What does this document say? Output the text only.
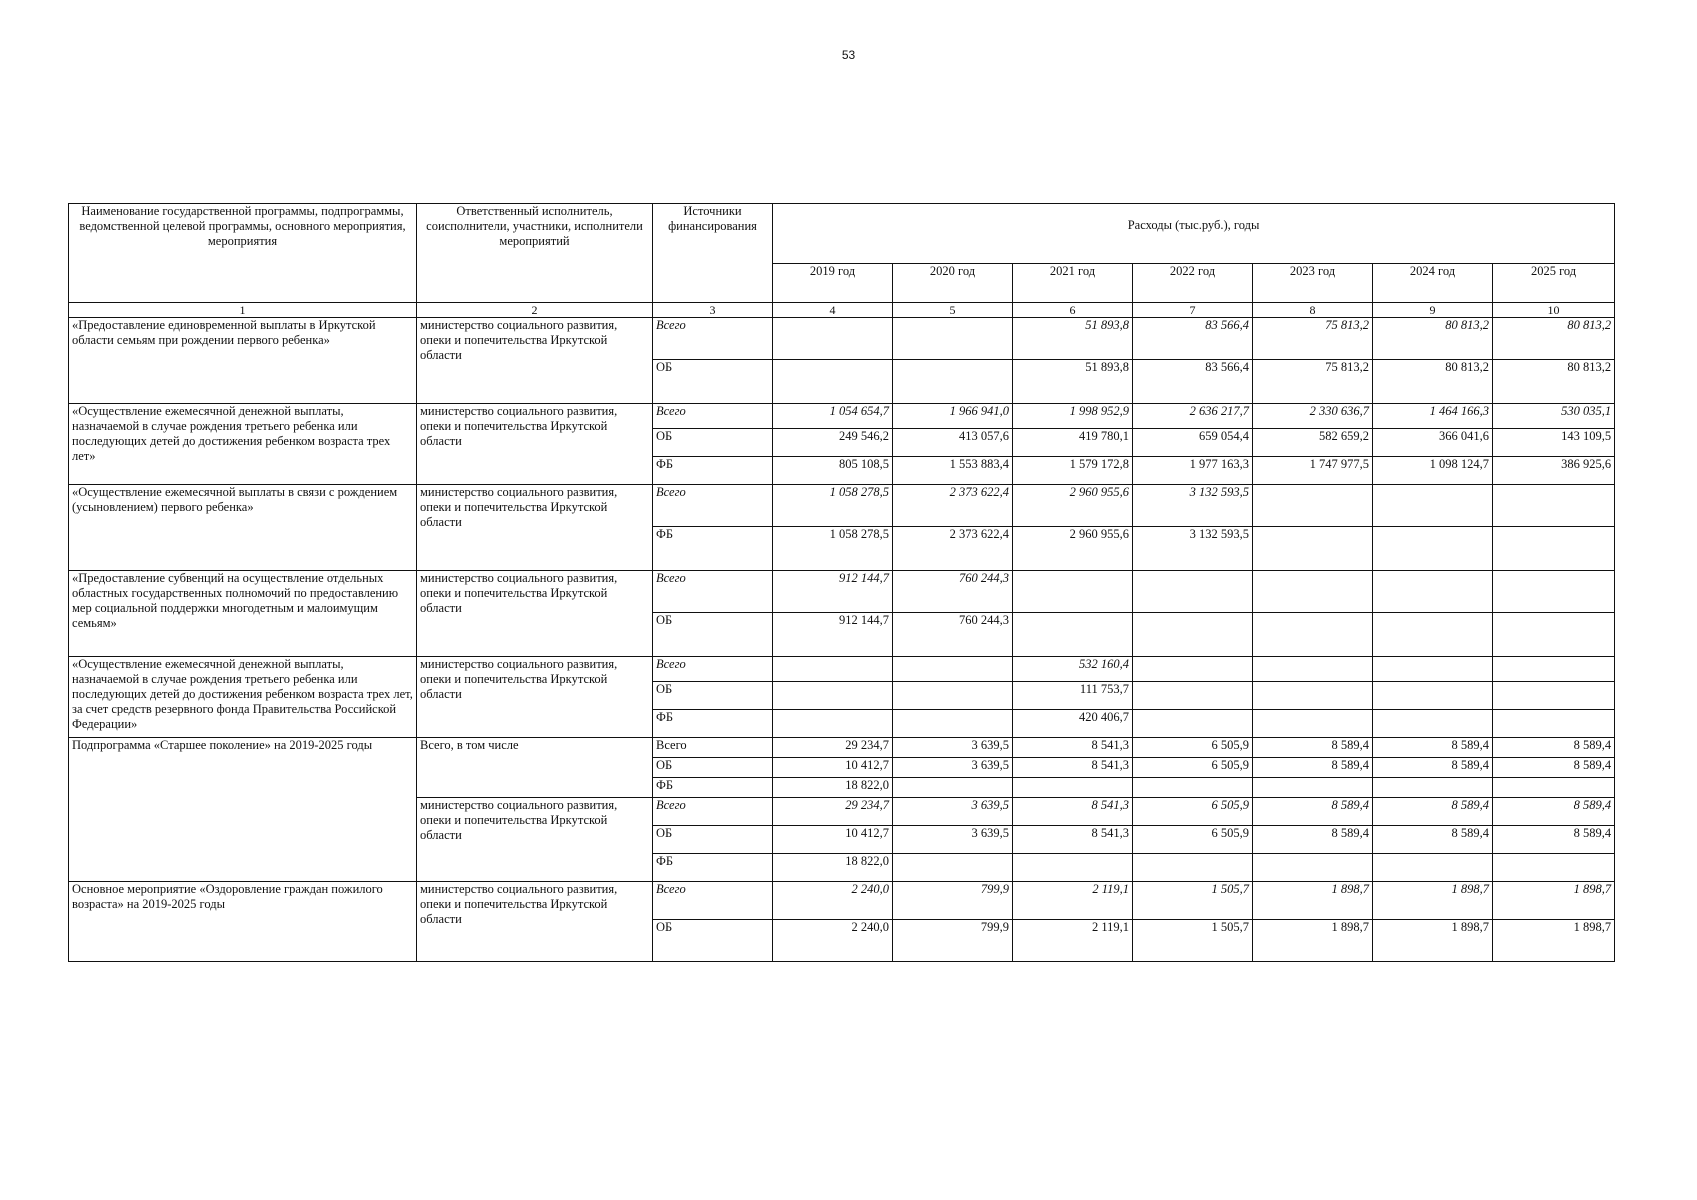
53
Наименование государственной программы, подпрограммы, ведомственной целевой программы, основного мероприятия, мероприятия	Ответственный исполнитель, соисполнители, участники, исполнители мероприятий	Источники финансирования	Расходы (тыс.руб.), годы						
			2019 год	2020 год	2021 год	2022 год	2023 год	2024 год	2025 год
1	2	3	4	5	6	7	8	9	10
«Предоставление единовременной выплаты в Иркутской области семьям при рождении первого ребенка»	министерство социального развития, опеки и попечительства Иркутской области	Всего			51 893,8	83 566,4	75 813,2	80 813,2	80 813,2
		ОБ			51 893,8	83 566,4	75 813,2	80 813,2	80 813,2
«Осуществление ежемесячной денежной выплаты, назначаемой в случае рождения третьего ребенка или последующих детей до достижения ребенком возраста трех лет»	министерство социального развития, опеки и попечительства Иркутской области	Всего	1 054 654,7	1 966 941,0	1 998 952,9	2 636 217,7	2 330 636,7	1 464 166,3	530 035,1
		ОБ	249 546,2	413 057,6	419 780,1	659 054,4	582 659,2	366 041,6	143 109,5
		ФБ	805 108,5	1 553 883,4	1 579 172,8	1 977 163,3	1 747 977,5	1 098 124,7	386 925,6
«Осуществление ежемесячной выплаты в связи с рождением (усыновлением) первого ребенка»	министерство социального развития, опеки и попечительства Иркутской области	Всего	1 058 278,5	2 373 622,4	2 960 955,6	3 132 593,5			
		ФБ	1 058 278,5	2 373 622,4	2 960 955,6	3 132 593,5			
«Предоставление субвенций на осуществление отдельных областных государственных полномочий по предоставлению мер социальной поддержки многодетным и малоимущим семьям»	министерство социального развития, опеки и попечительства Иркутской области	Всего	912 144,7	760 244,3					
		ОБ	912 144,7	760 244,3					
«Осуществление ежемесячной денежной выплаты, назначаемой в случае рождения третьего ребенка или последующих детей до достижения ребенком возраста трех лет, за счет средств резервного фонда Правительства Российской Федерации»	министерство социального развития, опеки и попечительства Иркутской области	Всего			532 160,4				
		ОБ			111 753,7				
		ФБ			420 406,7				
Подпрограмма «Старшее поколение» на 2019-2025 годы	Всего, в том числе	Всего	29 234,7	3 639,5	8 541,3	6 505,9	8 589,4	8 589,4	8 589,4
		ОБ	10 412,7	3 639,5	8 541,3	6 505,9	8 589,4	8 589,4	8 589,4
		ФБ	18 822,0						
	министерство социального развития, опеки и попечительства Иркутской области	Всего	29 234,7	3 639,5	8 541,3	6 505,9	8 589,4	8 589,4	8 589,4
		ОБ	10 412,7	3 639,5	8 541,3	6 505,9	8 589,4	8 589,4	8 589,4
		ФБ	18 822,0						
Основное мероприятие «Оздоровление граждан пожилого возраста» на 2019-2025 годы	министерство социального развития, опеки и попечительства Иркутской области	Всего	2 240,0	799,9	2 119,1	1 505,7	1 898,7	1 898,7	1 898,7
		ОБ	2 240,0	799,9	2 119,1	1 505,7	1 898,7	1 898,7	1 898,7
